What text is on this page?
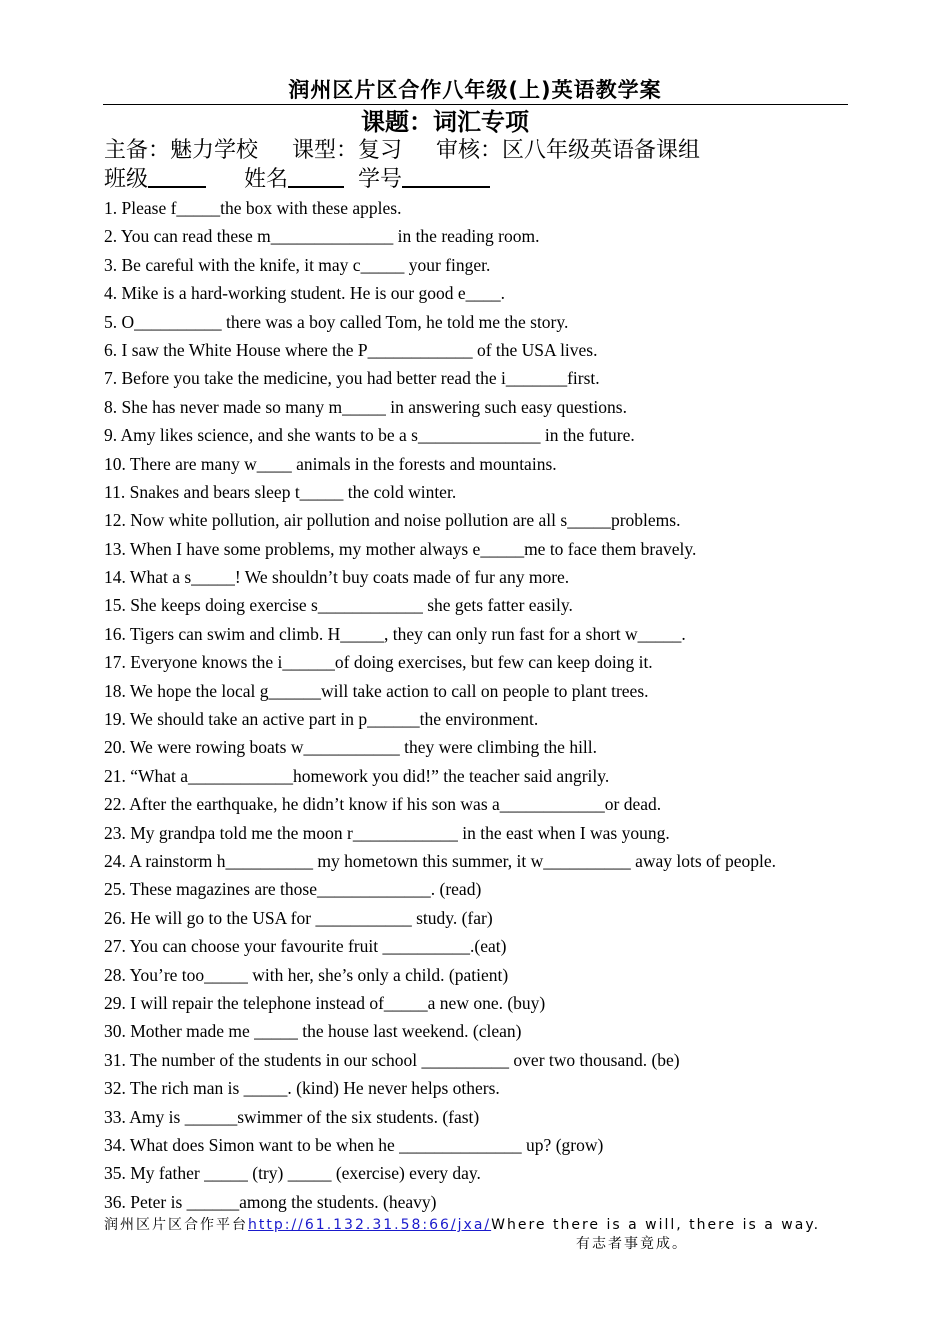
润州区片区合作八年级(上)英语教学案
课题：词汇专项
主备：魅力学校 课型：复习 审核：区八年级英语备课组
班级	姓名	学号
1. Please f_____the box with these apples.
2. You can read these m______________ in the reading room.
3. Be careful with the knife, it may c_____ your finger.
4. Mike is a hard-working student. He is our good e____.
5. O__________ there was a boy called Tom, he told me the story.
6. I saw the White House where the P____________ of the USA lives.
7. Before you take the medicine, you had better read the i_______first.
8. She has never made so many m_____ in answering such easy questions.
9. Amy likes science, and she wants to be a s______________ in the future.
10. There are many w____ animals in the forests and mountains.
11. Snakes and bears sleep t_____ the cold winter.
12. Now white pollution, air pollution and noise pollution are all s_____problems.
13. When I have some problems, my mother always e_____me to face them bravely.
14. What a s_____! We shouldn’t buy coats made of fur any more.
15. She keeps doing exercise s____________ she gets fatter easily.
16. Tigers can swim and climb. H_____, they can only run fast for a short w_____.
17. Everyone knows the i______of doing exercises, but few can keep doing it.
18. We hope the local g______will take action to call on people to plant trees.
19. We should take an active part in p______the environment.
20. We were rowing boats w___________ they were climbing the hill.
21. “What a____________homework you did!” the teacher said angrily.
22. After the earthquake, he didn’t know if his son was a____________or dead.
23. My grandpa told me the moon r____________ in the east when I was young.
24. A rainstorm h__________ my hometown this summer, it w__________ away lots of people.
25. These magazines are those_____________. (read)
26. He will go to the USA for ___________ study. (far)
27. You can choose your favourite fruit __________.(eat)
28. You’re too_____ with her, she’s only a child. (patient)
29. I will repair the telephone instead of_____a new one. (buy)
30. Mother made me _____ the house last weekend. (clean)
31. The number of the students in our school __________ over two thousand. (be)
32. The rich man is _____. (kind) He never helps others.
33. Amy is ______swimmer of the six students. (fast)
34. What does Simon want to be when he ______________ up? (grow)
35. My father _____ (try) _____ (exercise) every day.
36. Peter is ______among the students. (heavy)
润州区片区合作平台http://61.132.31.58:66/jxa/Where there is a will, there is a way.
有志者事竟成。
